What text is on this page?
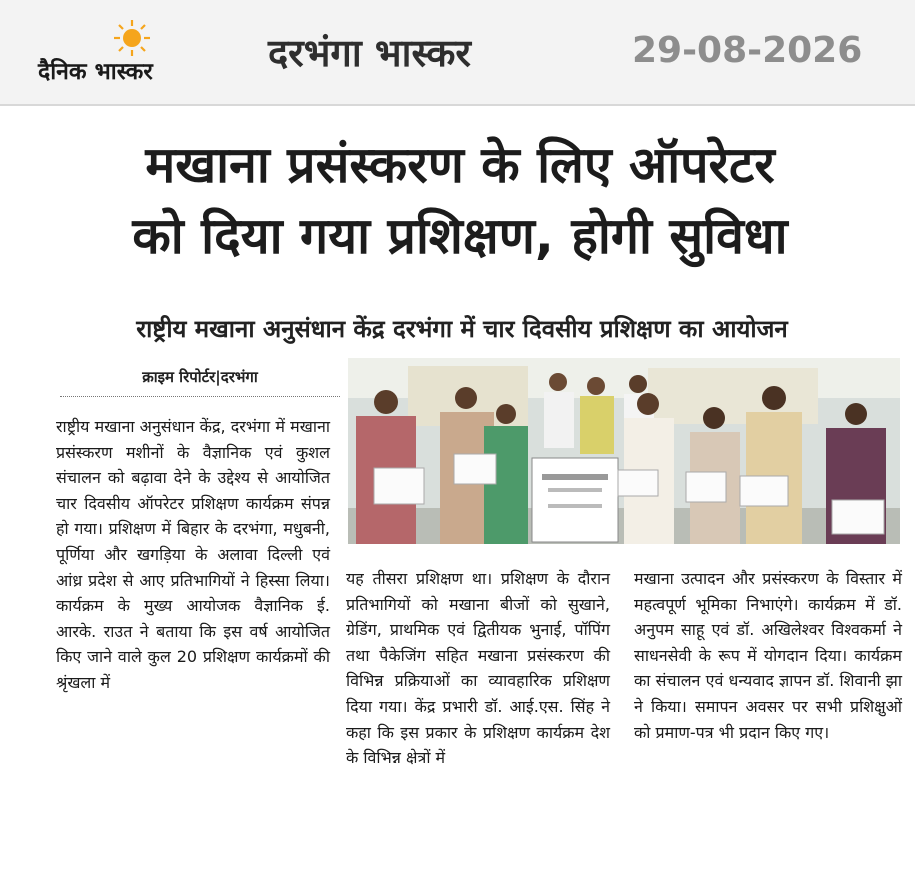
दैनिक भास्कर	दरभंगा भास्कर	29-08-2026
मखाना प्रसंस्करण के लिए ऑपरेटर
को दिया गया प्रशिक्षण, होगी सुविधा
राष्ट्रीय मखाना अनुसंधान केंद्र दरभंगा में चार दिवसीय प्रशिक्षण का आयोजन
क्राइम रिपोर्टर|दरभंगा
राष्ट्रीय मखाना अनुसंधान केंद्र, दरभंगा में मखाना प्रसंस्करण मशीनों के वैज्ञानिक एवं कुशल संचालन को बढ़ावा देने के उद्देश्य से आयोजित चार दिवसीय ऑपरेटर प्रशिक्षण कार्यक्रम संपन्न हो गया। प्रशिक्षण में बिहार के दरभंगा, मधुबनी, पूर्णिया और खगड़िया के अलावा दिल्ली एवं आंध्र प्रदेश से आए प्रतिभागियों ने हिस्सा लिया। कार्यक्रम के मुख्य आयोजक वैज्ञानिक ई. आरके. राउत ने बताया कि इस वर्ष आयोजित किए जाने वाले कुल 20 प्रशिक्षण कार्यक्रमों की श्रृंखला में
यह तीसरा प्रशिक्षण था। प्रशिक्षण के दौरान प्रतिभागियों को मखाना बीजों को सुखाने, ग्रेडिंग, प्राथमिक एवं द्वितीयक भुनाई, पॉपिंग तथा पैकेजिंग सहित मखाना प्रसंस्करण की विभिन्न प्रक्रियाओं का व्यावहारिक प्रशिक्षण दिया गया। केंद्र प्रभारी डॉ. आई.एस. सिंह ने कहा कि इस प्रकार के प्रशिक्षण कार्यक्रम देश के विभिन्न क्षेत्रों में
मखाना उत्पादन और प्रसंस्करण के विस्तार में महत्वपूर्ण भूमिका निभाएंगे। कार्यक्रम में डॉ. अनुपम साहू एवं डॉ. अखिलेश्वर विश्वकर्मा ने साधनसेवी के रूप में योगदान दिया। कार्यक्रम का संचालन एवं धन्यवाद ज्ञापन डॉ. शिवानी झा ने किया। समापन अवसर पर सभी प्रशिक्षुओं को प्रमाण-पत्र भी प्रदान किए गए।
